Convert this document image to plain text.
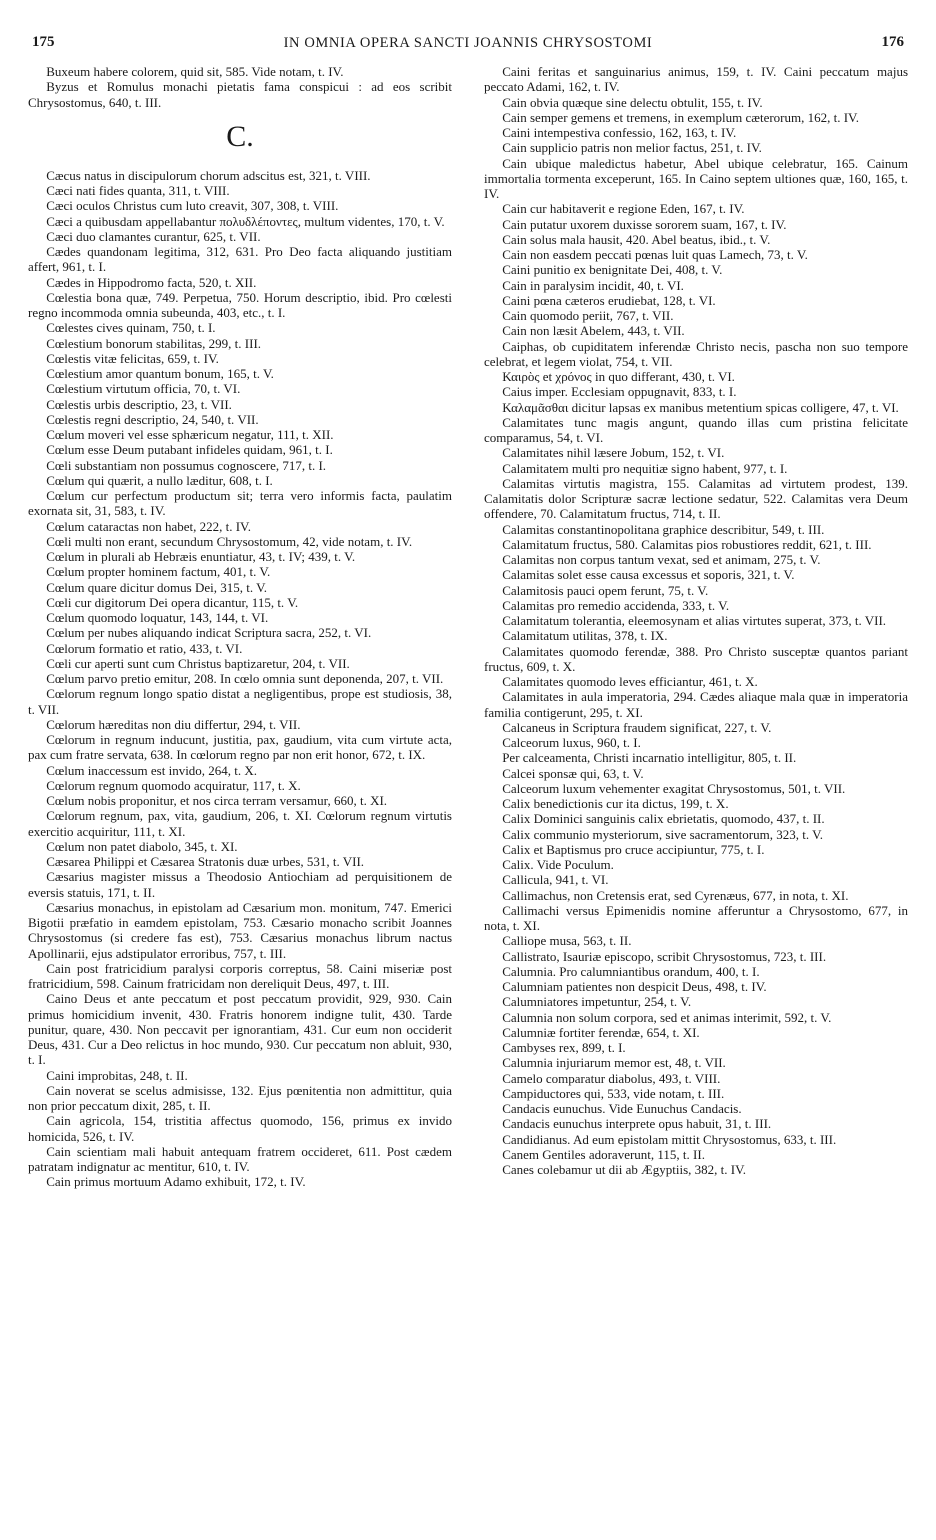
175	IN OMNIA OPERA SANCTI JOANNIS CHRYSOSTOMI	176

Buxeum habere colorem, quid sit, 585. Vide notam, t. IV.

Byzus et Romulus monachi pietatis fama conspicui : ad eos scribit Chrysostomus, 640, t. III.

C.

Cæcus natus in discipulorum chorum adscitus est, 321, t. VIII.

Cæci nati fides quanta, 311, t. VIII.

Cæci oculos Christus cum luto creavit, 307, 308, t. VIII.

Cæci a quibusdam appellabantur πολυδλέποντες, multum videntes, 170, t. V.

Cæci duo clamantes curantur, 625, t. VII.

Cædes quandonam legitima, 312, 631. Pro Deo facta aliquando justitiam affert, 961, t. I.

Cædes in Hippodromo facta, 520, t. XII.

Cœlestia bona quæ, 749. Perpetua, 750. Horum descriptio, ibid. Pro cœlesti regno incommoda omnia subeunda, 403, etc., t. I.

Cœlestes cives quinam, 750, t. I.

Cœlestium bonorum stabilitas, 299, t. III.

Cœlestis vitæ felicitas, 659, t. IV.

Cœlestium amor quantum bonum, 165, t. V.

Cœlestium virtutum officia, 70, t. VI.

Cœlestis urbis descriptio, 23, t. VII.

Cœlestis regni descriptio, 24, 540, t. VII.

Cœlum moveri vel esse sphæricum negatur, 111, t. XII.

Cœlum esse Deum putabant infideles quidam, 961, t. I.

Cœli substantiam non possumus cognoscere, 717, t. I.

Cœlum qui quærit, a nullo læditur, 608, t. I.

Cœlum cur perfectum productum sit; terra vero informis facta, paulatim exornata sit, 31, 583, t. IV.

Cœlum cataractas non habet, 222, t. IV.

Cœli multi non erant, secundum Chrysostomum, 42, vide notam, t. IV.

Cœlum in plurali ab Hebræis enuntiatur, 43, t. IV; 439, t. V.

Cœlum propter hominem factum, 401, t. V.

Cœlum quare dicitur domus Dei, 315, t. V.

Cœli cur digitorum Dei opera dicantur, 115, t. V.

Cœlum quomodo loquatur, 143, 144, t. VI.

Cœlum per nubes aliquando indicat Scriptura sacra, 252, t. VI.

Cœlorum formatio et ratio, 433, t. VI.

Cœli cur aperti sunt cum Christus baptizaretur, 204, t. VII.

Cœlum parvo pretio emitur, 208. In cœlo omnia sunt deponenda, 207, t. VII.

Cœlorum regnum longo spatio distat a negligentibus, prope est studiosis, 38, t. VII.

Cœlorum hæreditas non diu differtur, 294, t. VII.

Cœlorum in regnum inducunt, justitia, pax, gaudium, vita cum virtute acta, pax cum fratre servata, 638. In cœlorum regno par non erit honor, 672, t. IX.

Cœlum inaccessum est invido, 264, t. X.

Cœlorum regnum quomodo acquiratur, 117, t. X.

Cœlum nobis proponitur, et nos circa terram versamur, 660, t. XI.

Cœlorum regnum, pax, vita, gaudium, 206, t. XI. Cœlorum regnum virtutis exercitio acquiritur, 111, t. XI.

Cœlum non patet diabolo, 345, t. XI.

Cæsarea Philippi et Cæsarea Stratonis duæ urbes, 531, t. VII.

Cæsarius magister missus a Theodosio Antiochiam ad perquisitionem de eversis statuis, 171, t. II.

Cæsarius monachus, in epistolam ad Cæsarium mon. monitum, 747. Emerici Bigotii præfatio in eamdem epistolam, 753. Cæsario monacho scribit Joannes Chrysostomus (si credere fas est), 753. Cæsarius monachus librum nactus Apollinarii, ejus adstipulator erroribus, 757, t. III.

Cain post fratricidium paralysi corporis correptus, 58. Caini miseriæ post fratricidium, 598. Cainum fratricidam non dereliquit Deus, 497, t. III.

Caino Deus et ante peccatum et post peccatum providit, 929, 930. Cain primus homicidium invenit, 430. Fratris honorem indigne tulit, 430. Tarde punitur, quare, 430. Non peccavit per ignorantiam, 431. Cur eum non occiderit Deus, 431. Cur a Deo relictus in hoc mundo, 930. Cur peccatum non abluit, 930, t. I.

Caini improbitas, 248, t. II.

Cain noverat se scelus admisisse, 132. Ejus pœnitentia non admittitur, quia non prior peccatum dixit, 285, t. II.

Cain agricola, 154, tristitia affectus quomodo, 156, primus ex invido homicida, 526, t. IV.

Cain scientiam mali habuit antequam fratrem occideret, 611. Post cædem patratam indignatur ac mentitur, 610, t. IV.

Cain primus mortuum Adamo exhibuit, 172, t. IV.

Caini feritas et sanguinarius animus, 159, t. IV. Caini peccatum majus peccato Adami, 162, t. IV.

Cain obvia quæque sine delectu obtulit, 155, t. IV.

Cain semper gemens et tremens, in exemplum cæterorum, 162, t. IV.

Caini intempestiva confessio, 162, 163, t. IV.

Cain supplicio patris non melior factus, 251, t. IV.

Cain ubique maledictus habetur, Abel ubique celebratur, 165. Cainum immortalia tormenta exceperunt, 165. In Caino septem ultiones quæ, 160, 165, t. IV.

Cain cur habitaverit e regione Eden, 167, t. IV.

Cain putatur uxorem duxisse sororem suam, 167, t. IV.

Cain solus mala hausit, 420. Abel beatus, ibid., t. V.

Cain non easdem peccati pœnas luit quas Lamech, 73, t. V.

Caini punitio ex benignitate Dei, 408, t. V.

Cain in paralysim incidit, 40, t. VI.

Caini pœna cæteros erudiebat, 128, t. VI.

Cain quomodo periit, 767, t. VII.

Cain non læsit Abelem, 443, t. VII.

Caiphas, ob cupiditatem inferendæ Christo necis, pascha non suo tempore celebrat, et legem violat, 754, t. VII.

Καιρὸς et χρόνος in quo differant, 430, t. VI.

Caius imper. Ecclesiam oppugnavit, 833, t. I.

Καλαμᾶσθαι dicitur lapsas ex manibus metentium spicas colligere, 47, t. VI.

Calamitates tunc magis angunt, quando illas cum pristina felicitate comparamus, 54, t. VI.

Calamitates nihil læsere Jobum, 152, t. VI.

Calamitatem multi pro nequitiæ signo habent, 977, t. I.

Calamitas virtutis magistra, 155. Calamitas ad virtutem prodest, 139. Calamitatis dolor Scripturæ sacræ lectione sedatur, 522. Calamitas vera Deum offendere, 70. Calamitatum fructus, 714, t. II.

Calamitas constantinopolitana graphice describitur, 549, t. III.

Calamitatum fructus, 580. Calamitas pios robustiores reddit, 621, t. III.

Calamitas non corpus tantum vexat, sed et animam, 275, t. V.

Calamitas solet esse causa excessus et soporis, 321, t. V.

Calamitosis pauci opem ferunt, 75, t. V.

Calamitas pro remedio accidenda, 333, t. V.

Calamitatum tolerantia, eleemosynam et alias virtutes superat, 373, t. VII.

Calamitatum utilitas, 378, t. IX.

Calamitates quomodo ferendæ, 388. Pro Christo susceptæ quantos pariant fructus, 609, t. X.

Calamitates quomodo leves efficiantur, 461, t. X.

Calamitates in aula imperatoria, 294. Cædes aliaque mala quæ in imperatoria familia contigerunt, 295, t. XI.

Calcaneus in Scriptura fraudem significat, 227, t. V.

Calceorum luxus, 960, t. I.

Per calceamenta, Christi incarnatio intelligitur, 805, t. II.

Calcei sponsæ qui, 63, t. V.

Calceorum luxum vehementer exagitat Chrysostomus, 501, t. VII.

Calix benedictionis cur ita dictus, 199, t. X.

Calix Dominici sanguinis calix ebrietatis, quomodo, 437, t. II.

Calix communio mysteriorum, sive sacramentorum, 323, t. V.

Calix et Baptismus pro cruce accipiuntur, 775, t. I.

Calix. Vide Poculum.

Callicula, 941, t. VI.

Callimachus, non Cretensis erat, sed Cyrenæus, 677, in nota, t. XI.

Callimachi versus Epimenidis nomine afferuntur a Chrysostomo, 677, in nota, t. XI.

Calliope musa, 563, t. II.

Callistrato, Isauriæ episcopo, scribit Chrysostomus, 723, t. III.

Calumnia. Pro calumniantibus orandum, 400, t. I.

Calumniam patientes non despicit Deus, 498, t. IV.

Calumniatores impetuntur, 254, t. V.

Calumnia non solum corpora, sed et animas interimit, 592, t. V.

Calumniæ fortiter ferendæ, 654, t. XI.

Cambyses rex, 899, t. I.

Calumnia injuriarum memor est, 48, t. VII.

Camelo comparatur diabolus, 493, t. VIII.

Campiductores qui, 533, vide notam, t. III.

Candacis eunuchus. Vide Eunuchus Candacis.

Candacis eunuchus interprete opus habuit, 31, t. III.

Candidianus. Ad eum epistolam mittit Chrysostomus, 633, t. III.

Canem Gentiles adoraverunt, 115, t. II.

Canes colebamur ut dii ab Ægyptiis, 382, t. IV.
